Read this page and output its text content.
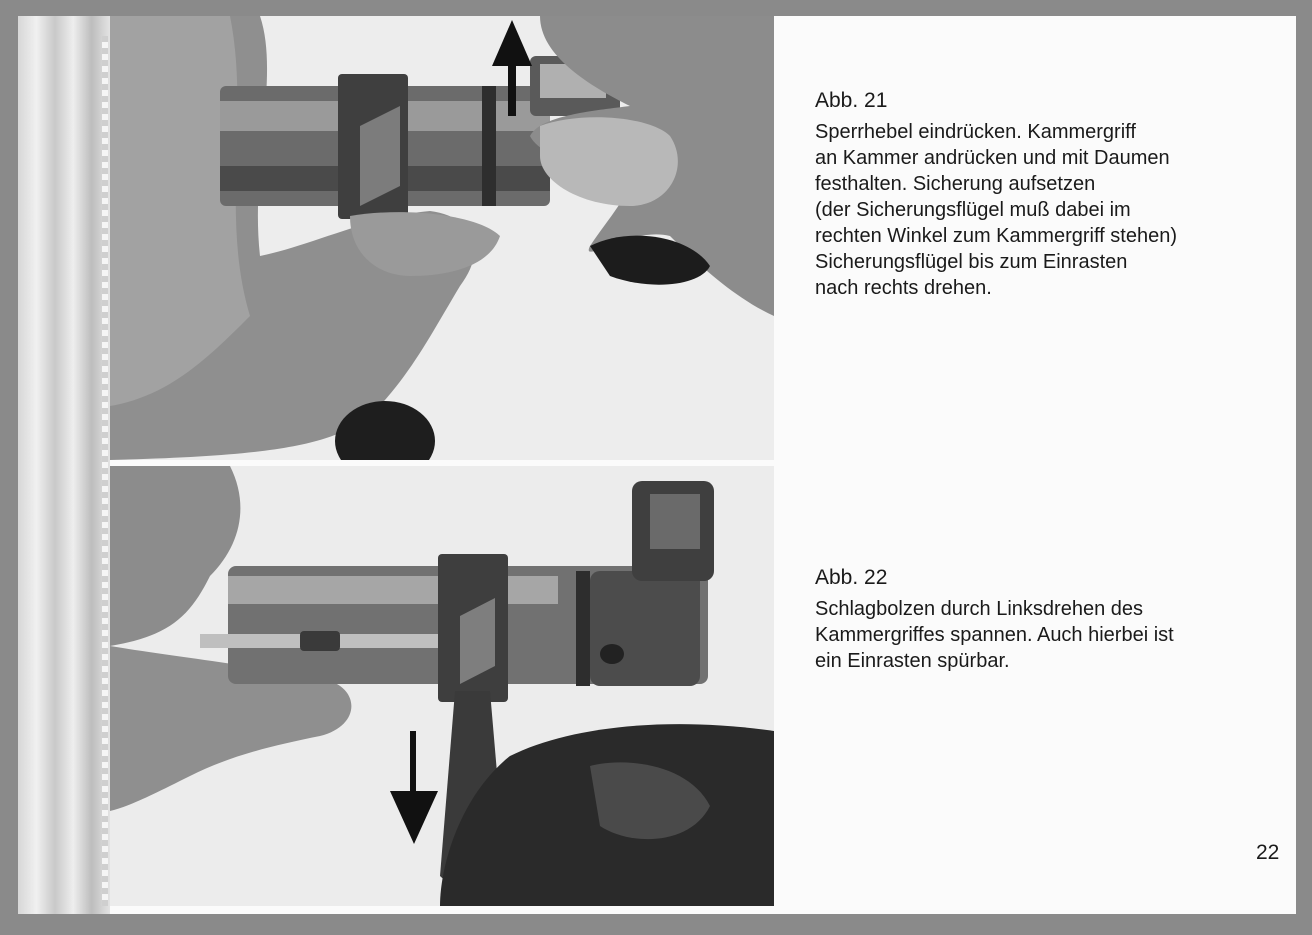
Abb. 21
Sperrhebel eindrücken. Kammergriff
an Kammer andrücken und mit Daumen
festhalten. Sicherung aufsetzen
(der Sicherungsflügel muß dabei im
rechten Winkel zum Kammergriff stehen)
Sicherungsflügel bis zum Einrasten
nach rechts drehen.
Abb. 22
Schlagbolzen durch Linksdrehen des
Kammergriffes spannen. Auch hierbei ist
ein Einrasten spürbar.
22
